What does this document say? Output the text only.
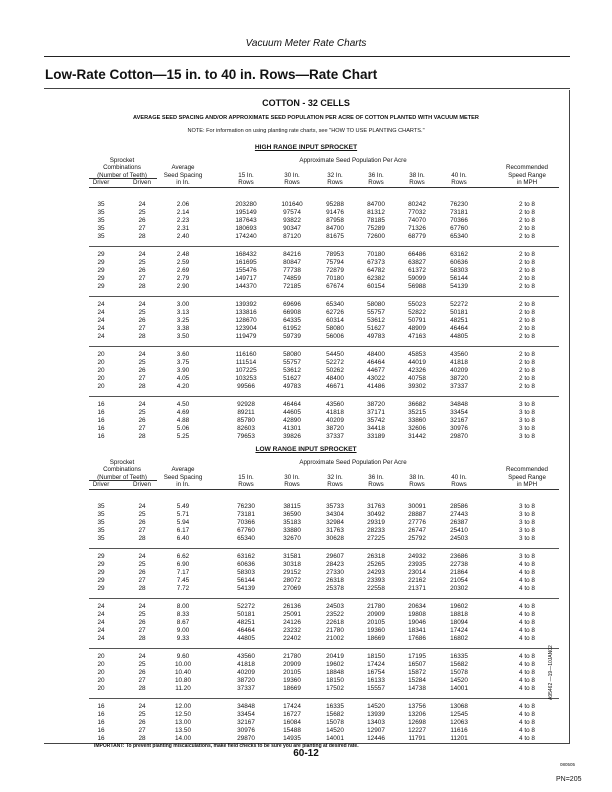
Vacuum Meter Rate Charts
Low-Rate Cotton—15 in. to 40 in. Rows—Rate Chart
COTTON - 32 CELLS
AVERAGE SEED SPACING AND/OR APPROXIMATE SEED POPULATION PER ACRE OF COTTON PLANTED WITH VACUUM METER
NOTE: For information on using planting rate charts, see "HOW TO USE PLANTING CHARTS."
HIGH RANGE INPUT SPROCKET
Sprocket
Combinations
(Number of Teeth)
Driver	Driven
Average
Seed Spacing
in In.
Approximate Seed Population Per Acre
15 In.
Rows
30 In.
Rows
32 In.
Rows
36 In.
Rows
38 In.
Rows
40 In.
Rows
Recommended
Speed Range
in MPH
35	24	2.06	203280	101640	95288	84700	80242	76230	2 to 8
35	25	2.14	195149	97574	91476	81312	77032	73181	2 to 8
35	26	2.23	187643	93822	87958	78185	74070	70366	2 to 8
35	27	2.31	180693	90347	84700	75289	71326	67760	2 to 8
35	28	2.40	174240	87120	81675	72600	68779	65340	2 to 8
29	24	2.48	168432	84216	78953	70180	66486	63162	2 to 8
29	25	2.59	161695	80847	75794	67373	63827	60636	2 to 8
29	26	2.69	155476	77738	72879	64782	61372	58303	2 to 8
29	27	2.79	149717	74859	70180	62382	59099	56144	2 to 8
29	28	2.90	144370	72185	67674	60154	56988	54139	2 to 8
24	24	3.00	139392	69696	65340	58080	55023	52272	2 to 8
24	25	3.13	133816	66908	62726	55757	52822	50181	2 to 8
24	26	3.25	128670	64335	60314	53612	50791	48251	2 to 8
24	27	3.38	123904	61952	58080	51627	48909	46464	2 to 8
24	28	3.50	119479	59739	56006	49783	47163	44805	2 to 8
20	24	3.60	116160	58080	54450	48400	45853	43560	2 to 8
20	25	3.75	111514	55757	52272	46464	44019	41818	2 to 8
20	26	3.90	107225	53612	50262	44677	42326	40209	2 to 8
20	27	4.05	103253	51627	48400	43022	40758	38720	2 to 8
20	28	4.20	99566	49783	46671	41486	39302	37337	2 to 8
16	24	4.50	92928	46464	43560	38720	36682	34848	3 to 8
16	25	4.69	89211	44605	41818	37171	35215	33454	3 to 8
16	26	4.88	85780	42890	40209	35742	33860	32167	3 to 8
16	27	5.06	82603	41301	38720	34418	32606	30976	3 to 8
16	28	5.25	79653	39826	37337	33189	31442	29870	3 to 8
LOW RANGE INPUT SPROCKET
Sprocket
Combinations
(Number of Teeth)
Driver	Driven
Average
Seed Spacing
in In.
Approximate Seed Population Per Acre
15 In.
Rows
30 In.
Rows
32 In.
Rows
36 In.
Rows
38 In.
Rows
40 In.
Rows
Recommended
Speed Range
in MPH
35	24	5.49	76230	38115	35733	31763	30091	28586	3 to 8
35	25	5.71	73181	36590	34304	30492	28887	27443	3 to 8
35	26	5.94	70366	35183	32984	29319	27776	26387	3 to 8
35	27	6.17	67760	33880	31763	28233	26747	25410	3 to 8
35	28	6.40	65340	32670	30628	27225	25792	24503	3 to 8
29	24	6.62	63162	31581	29607	26318	24932	23686	3 to 8
29	25	6.90	60636	30318	28423	25265	23935	22738	4 to 8
29	26	7.17	58303	29152	27330	24293	23014	21864	4 to 8
29	27	7.45	56144	28072	26318	23393	22162	21054	4 to 8
29	28	7.72	54139	27069	25378	22558	21371	20302	4 to 8
24	24	8.00	52272	26136	24503	21780	20634	19602	4 to 8
24	25	8.33	50181	25091	23522	20909	19808	18818	4 to 8
24	26	8.67	48251	24126	22618	20105	19046	18094	4 to 8
24	27	9.00	46464	23232	21780	19360	18341	17424	4 to 8
24	28	9.33	44805	22402	21002	18669	17686	16802	4 to 8
20	24	9.60	43560	21780	20419	18150	17195	16335	4 to 8
20	25	10.00	41818	20909	19602	17424	16507	15682	4 to 8
20	26	10.40	40209	20105	18848	16754	15872	15078	4 to 8
20	27	10.80	38720	19360	18150	16133	15284	14520	4 to 8
20	28	11.20	37337	18669	17502	15557	14738	14001	4 to 8
16	24	12.00	34848	17424	16335	14520	13756	13068	4 to 8
16	25	12.50	33454	16727	15682	13939	13206	12545	4 to 8
16	26	13.00	32167	16084	15078	13403	12698	12063	4 to 8
16	27	13.50	30976	15488	14520	12907	12227	11616	4 to 8
16	28	14.00	29870	14935	14001	12446	11791	11201	4 to 8
IMPORTANT: To prevent planting miscalculations, make field checks to be sure you are planting at desired rate.
60-12
A95462 —19—10JAN02
080505
PN=205
